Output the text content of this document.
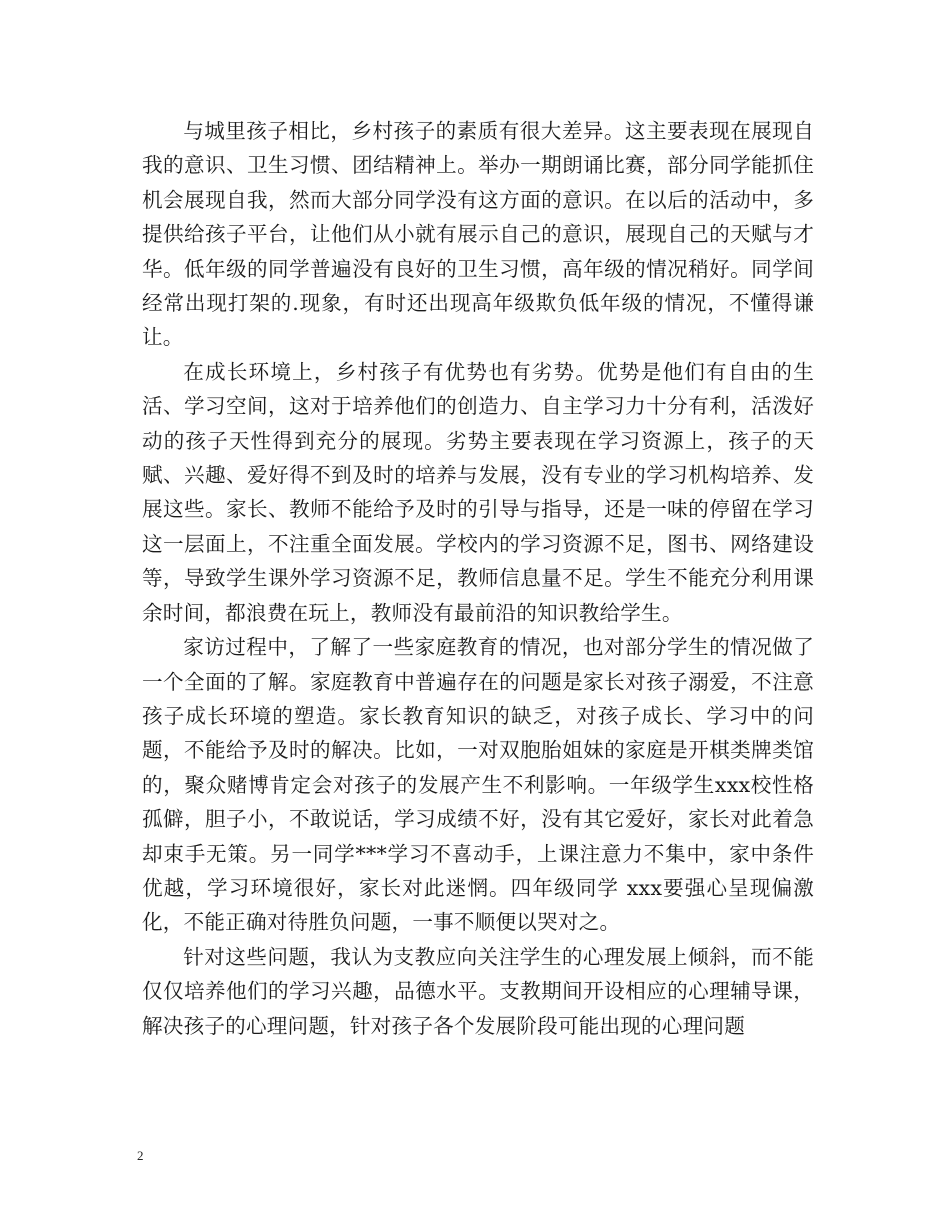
与城里孩子相比，乡村孩子的素质有很大差异。这主要表现在展现自我的意识、卫生习惯、团结精神上。举办一期朗诵比赛，部分同学能抓住机会展现自我，然而大部分同学没有这方面的意识。在以后的活动中，多提供给孩子平台，让他们从小就有展示自己的意识，展现自己的天赋与才华。低年级的同学普遍没有良好的卫生习惯，高年级的情况稍好。同学间经常出现打架的.现象，有时还出现高年级欺负低年级的情况，不懂得谦让。

在成长环境上，乡村孩子有优势也有劣势。优势是他们有自由的生活、学习空间，这对于培养他们的创造力、自主学习力十分有利，活泼好动的孩子天性得到充分的展现。劣势主要表现在学习资源上，孩子的天赋、兴趣、爱好得不到及时的培养与发展，没有专业的学习机构培养、发展这些。家长、教师不能给予及时的引导与指导，还是一味的停留在学习这一层面上，不注重全面发展。学校内的学习资源不足，图书、网络建设等，导致学生课外学习资源不足，教师信息量不足。学生不能充分利用课余时间，都浪费在玩上，教师没有最前沿的知识教给学生。

家访过程中，了解了一些家庭教育的情况，也对部分学生的情况做了一个全面的了解。家庭教育中普遍存在的问题是家长对孩子溺爱，不注意孩子成长环境的塑造。家长教育知识的缺乏，对孩子成长、学习中的问题，不能给予及时的解决。比如，一对双胞胎姐妹的家庭是开棋类牌类馆的，聚众赌博肯定会对孩子的发展产生不利影响。一年级学生xxx校性格孤僻，胆子小，不敢说话，学习成绩不好，没有其它爱好，家长对此着急却束手无策。另一同学***学习不喜动手，上课注意力不集中，家中条件优越，学习环境很好，家长对此迷惘。四年级同学 xxx要强心呈现偏激化，不能正确对待胜负问题，一事不顺便以哭对之。

针对这些问题，我认为支教应向关注学生的心理发展上倾斜，而不能仅仅培养他们的学习兴趣，品德水平。支教期间开设相应的心理辅导课，解决孩子的心理问题，针对孩子各个发展阶段可能出现的心理问题

2
